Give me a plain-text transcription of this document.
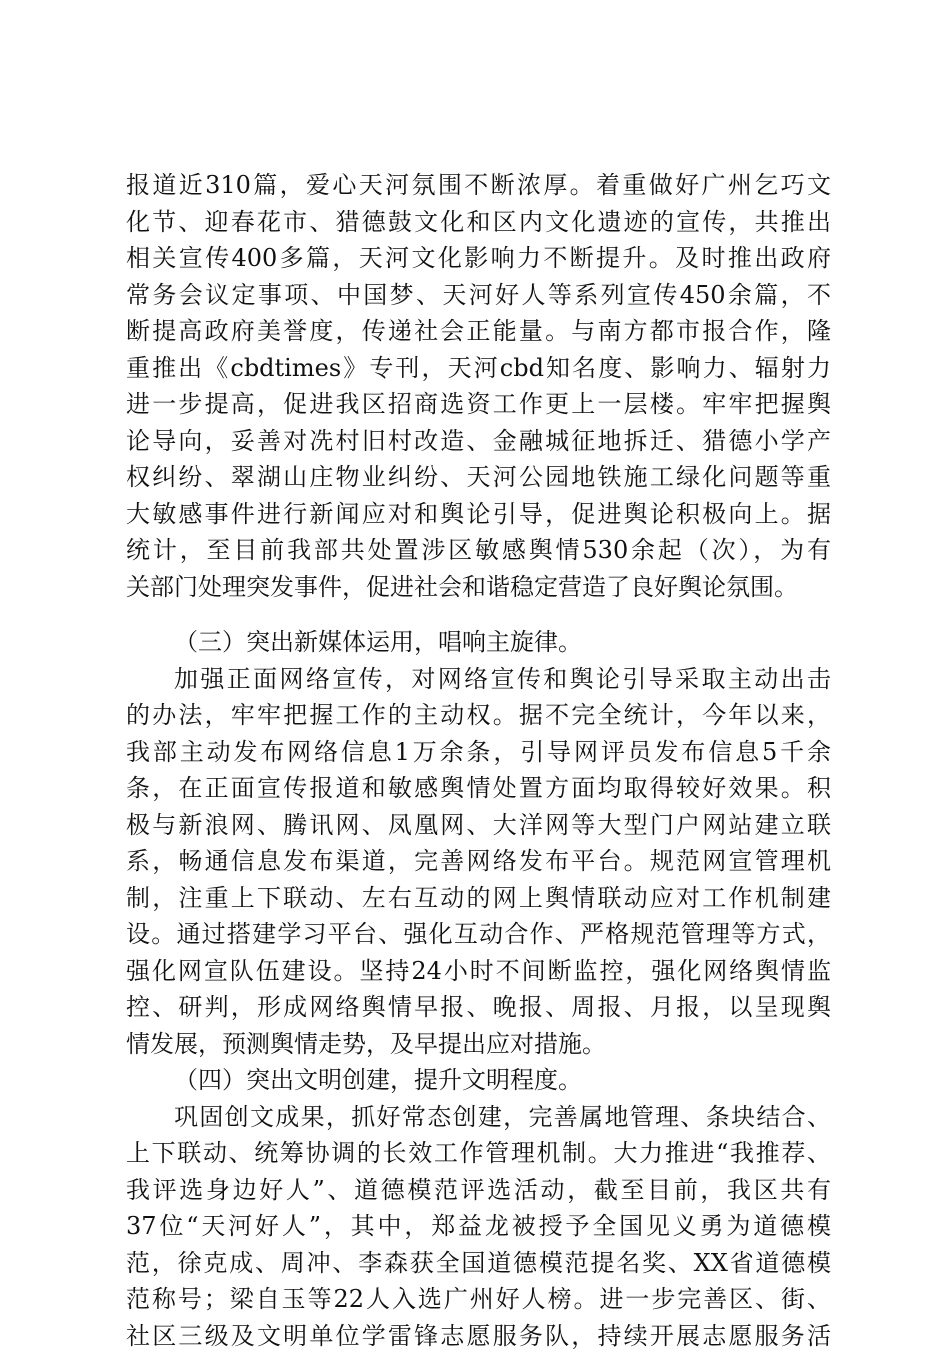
报道近310篇，爱心天河氛围不断浓厚。着重做好广州乞巧文
化节、迎春花市、猎德鼓文化和区内文化遗迹的宣传，共推出
相关宣传400多篇，天河文化影响力不断提升。及时推出政府
常务会议定事项、中国梦、天河好人等系列宣传450余篇，不
断提高政府美誉度，传递社会正能量。与南方都市报合作，隆
重推出《cbdtimes》专刊，天河cbd知名度、影响力、辐射力
进一步提高，促进我区招商选资工作更上一层楼。牢牢把握舆
论导向，妥善对冼村旧村改造、金融城征地拆迁、猎德小学产
权纠纷、翠湖山庄物业纠纷、天河公园地铁施工绿化问题等重
大敏感事件进行新闻应对和舆论引导，促进舆论积极向上。据
统计，至目前我部共处置涉区敏感舆情530余起（次），为有
关部门处理突发事件，促进社会和谐稳定营造了良好舆论氛围。
（三）突出新媒体运用，唱响主旋律。
加强正面网络宣传，对网络宣传和舆论引导采取主动出击
的办法，牢牢把握工作的主动权。据不完全统计，今年以来，
我部主动发布网络信息1万余条，引导网评员发布信息5千余
条，在正面宣传报道和敏感舆情处置方面均取得较好效果。积
极与新浪网、腾讯网、凤凰网、大洋网等大型门户网站建立联
系，畅通信息发布渠道，完善网络发布平台。规范网宣管理机
制，注重上下联动、左右互动的网上舆情联动应对工作机制建
设。通过搭建学习平台、强化互动合作、严格规范管理等方式，
强化网宣队伍建设。坚持24小时不间断监控，强化网络舆情监
控、研判，形成网络舆情早报、晚报、周报、月报，以呈现舆
情发展，预测舆情走势，及早提出应对措施。
（四）突出文明创建，提升文明程度。
巩固创文成果，抓好常态创建，完善属地管理、条块结合、
上下联动、统筹协调的长效工作管理机制。大力推进“我推荐、
我评选身边好人”、道德模范评选活动，截至目前，我区共有
37位“天河好人”，其中，郑益龙被授予全国见义勇为道德模
范，徐克成、周冲、李森获全国道德模范提名奖、XX省道德模
范称号；梁自玉等22人入选广州好人榜。进一步完善区、街、
社区三级及文明单位学雷锋志愿服务队，持续开展志愿服务活
